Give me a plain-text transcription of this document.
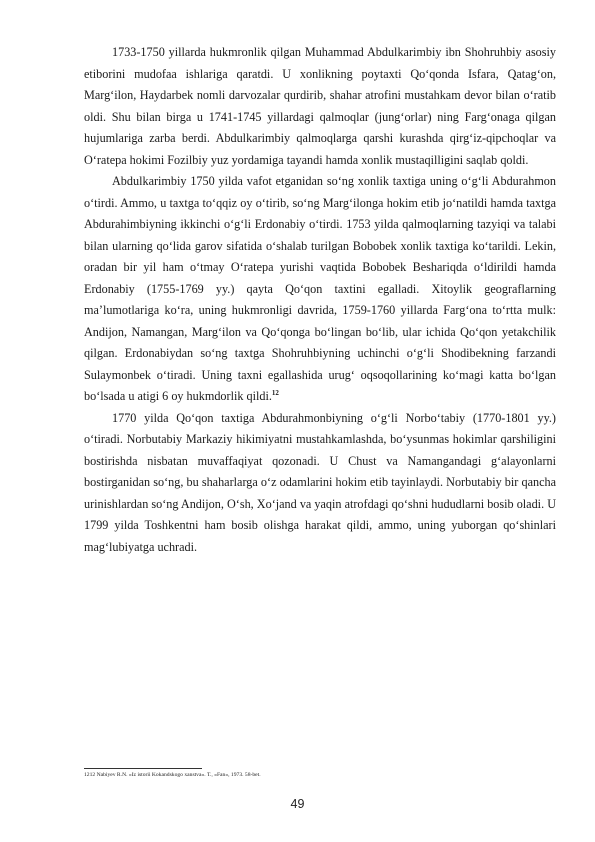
1733-1750 yillarda hukmronlik qilgan Muhammad Abdulkarimbiy ibn Shohruhbiy asosiy etiborini mudofaa ishlariga qaratdi. U xonlikning poytaxti Qo‘qonda Isfara, Qatag‘on, Marg‘ilon, Haydarbek nomli darvozalar qurdirib, shahar atrofini mustahkam devor bilan o‘ratib oldi. Shu bilan birga u 1741-1745 yillardagi qalmoqlar (jung‘orlar) ning Farg‘onaga qilgan hujumlariga zarba berdi. Abdulkarimbiy qalmoqlarga qarshi kurashda qirg‘iz-qipchoqlar va O‘ratepa hokimi Fozilbiy yuz yordamiga tayandi hamda xonlik mustaqilligini saqlab qoldi.

Abdulkarimbiy 1750 yilda vafot etganidan so‘ng xonlik taxtiga uning o‘g‘li Abdurahmon o‘tirdi. Ammo, u taxtga to‘qqiz oy o‘tirib, so‘ng Marg‘ilonga hokim etib jo‘natildi hamda taxtga Abdurahimbiyning ikkinchi o‘g‘li Erdonabiy o‘tirdi. 1753 yilda qalmoqlarning tazyiqi va talabi bilan ularning qo‘lida garov sifatida o‘shalab turilgan Bobobek xonlik taxtiga ko‘tarildi. Lekin, oradan bir yil ham o‘tmay O‘ratepa yurishi vaqtida Bobobek Beshariqda o‘ldirildi hamda Erdonabiy (1755-1769 yy.) qayta Qo‘qon taxtini egalladi. Xitoylik geograflarning ma’lumotlariga ko‘ra, uning hukmronligi davrida, 1759-1760 yillarda Farg‘ona to‘rtta mulk: Andijon, Namangan, Marg‘ilon va Qo‘qonga bo‘lingan bo‘lib, ular ichida Qo‘qon yetakchilik qilgan. Erdonabiydan so‘ng taxtga Shohruhbiyning uchinchi o‘g‘li Shodibekning farzandi Sulaymonbek o‘tiradi. Uning taxni egallashida urug‘ oqsoqollarining ko‘magi katta bo‘lgan bo‘lsada u atigi 6 oy hukmdorlik qildi.$^{12}$

1770 yilda Qo‘qon taxtiga Abdurahmonbiyning o‘g‘li Norbo‘tabiy (1770-1801 yy.) o‘tiradi. Norbutabiy Markaziy hikimiyatni mustahkamlashda, bo‘ysunmas hokimlar qarshiligini bostirishda nisbatan muvaffaqiyat qozonadi. U Chust va Namangandagi g‘alayonlarni bostirganidan so‘ng, bu shaharlarga o‘z odamlarini hokim etib tayinlaydi. Norbutabiy bir qancha urinishlardan so‘ng Andijon, O‘sh, Xo‘jand va yaqin atrofdagi qo‘shni hududlarni bosib oladi. U 1799 yilda Toshkentni ham bosib olishga harakat qildi, ammo, uning yuborgan qo‘shinlari mag‘lubiyatga uchradi.

1212 Nabiyev R.N. «Iz istorii Kokandskogo xanstva». T., «Fan», 1973. 58-bet.
49
